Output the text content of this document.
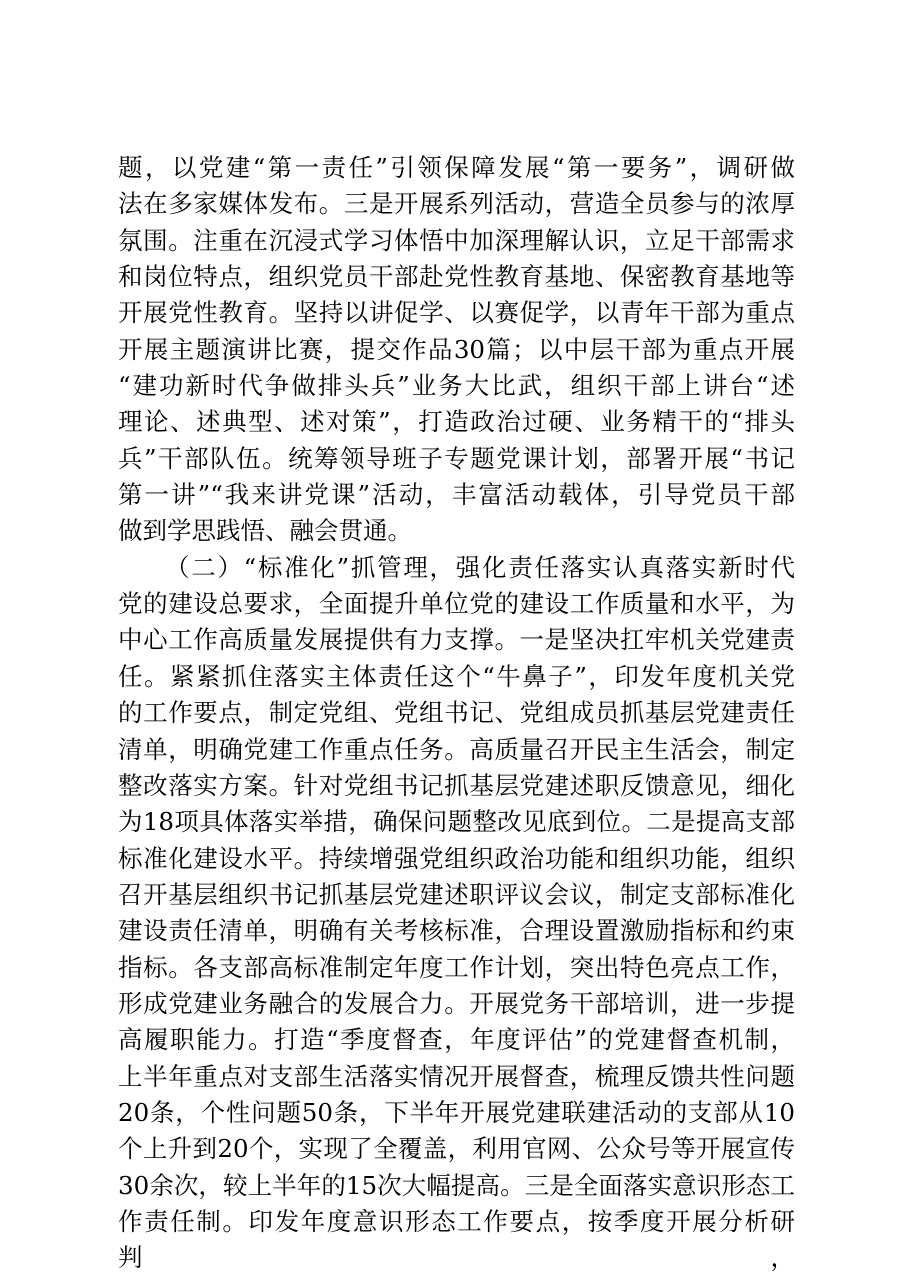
题，以党建“第一责任”引领保障发展“第一要务”，调研做
法在多家媒体发布。三是开展系列活动，营造全员参与的浓厚
氛围。注重在沉浸式学习体悟中加深理解认识，立足干部需求
和岗位特点，组织党员干部赴党性教育基地、保密教育基地等
开展党性教育。坚持以讲促学、以赛促学，以青年干部为重点
开展主题演讲比赛，提交作品30篇；以中层干部为重点开展
“建功新时代争做排头兵”业务大比武，组织干部上讲台“述
理论、述典型、述对策”，打造政治过硬、业务精干的“排头
兵”干部队伍。统筹领导班子专题党课计划，部署开展“书记
第一讲”“我来讲党课”活动，丰富活动载体，引导党员干部
做到学思践悟、融会贯通。
（二）“标准化”抓管理，强化责任落实认真落实新时代
党的建设总要求，全面提升单位党的建设工作质量和水平，为
中心工作高质量发展提供有力支撑。一是坚决扛牢机关党建责
任。紧紧抓住落实主体责任这个“牛鼻子”，印发年度机关党
的工作要点，制定党组、党组书记、党组成员抓基层党建责任
清单，明确党建工作重点任务。高质量召开民主生活会，制定
整改落实方案。针对党组书记抓基层党建述职反馈意见，细化
为18项具体落实举措，确保问题整改见底到位。二是提高支部
标准化建设水平。持续增强党组织政治功能和组织功能，组织
召开基层组织书记抓基层党建述职评议会议，制定支部标准化
建设责任清单，明确有关考核标准，合理设置激励指标和约束
指标。各支部高标准制定年度工作计划，突出特色亮点工作，
形成党建业务融合的发展合力。开展党务干部培训，进一步提
高履职能力。打造“季度督查，年度评估”的党建督查机制，
上半年重点对支部生活落实情况开展督查，梳理反馈共性问题
20条，个性问题50条，下半年开展党建联建活动的支部从10
个上升到20个，实现了全覆盖，利用官网、公众号等开展宣传
30余次，较上半年的15次大幅提高。三是全面落实意识形态工
作责任制。印发年度意识形态工作要点，按季度开展分析研判，
